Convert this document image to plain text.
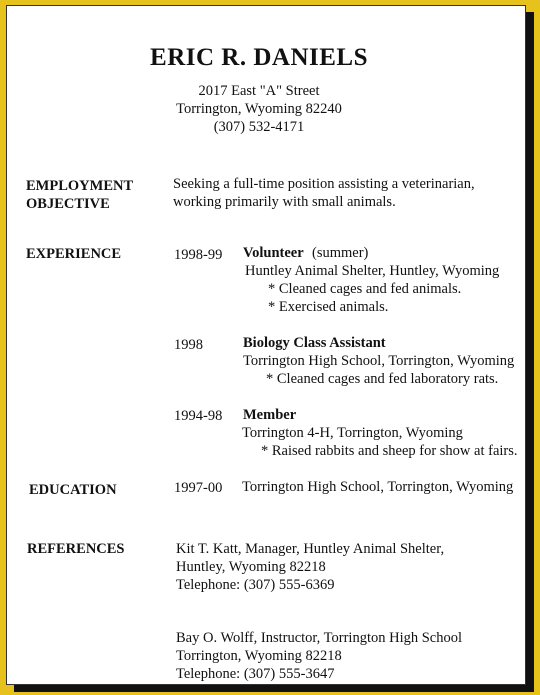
ERIC R. DANIELS
2017 East "A" Street
Torrington, Wyoming 82240
(307) 532-4171
EMPLOYMENT
OBJECTIVE
Seeking a full-time position assisting a veterinarian,
working primarily with small animals.
EXPERIENCE	1998-99 Volunteer (summer)
Huntley Animal Shelter, Huntley, Wyoming
* Cleaned cages and fed animals.
* Exercised animals.
1998	Biology Class Assistant
Torrington High School, Torrington, Wyoming
* Cleaned cages and fed laboratory rats.
1994-98 Member
Torrington 4-H, Torrington, Wyoming
* Raised rabbits and sheep for show at fairs.
EDUCATION	1997-00 Torrington High School, Torrington, Wyoming
REFERENCES	Kit T. Katt, Manager, Huntley Animal Shelter,
Huntley, Wyoming 82218
Telephone: (307) 555-6369
Bay O. Wolff, Instructor, Torrington High School
Torrington, Wyoming 82218
Telephone: (307) 555-3647
